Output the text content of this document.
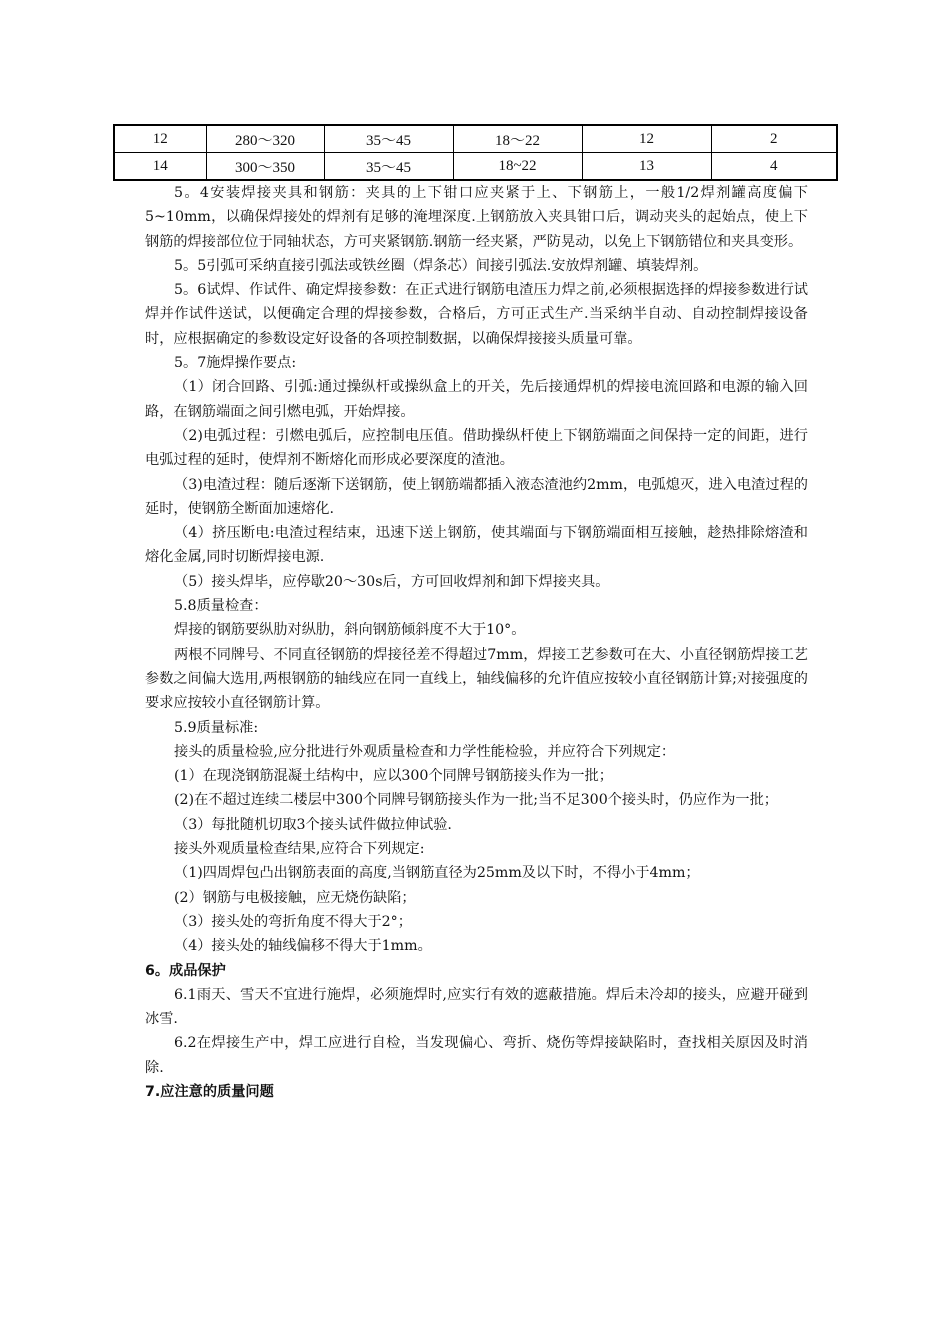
12	280～320	35～45	18～22	12	2
14	300～350	35～45	18~22	13	4

5。4安装焊接夹具和钢筋：夹具的上下钳口应夹紧于上、下钢筋上，一般1/2焊剂罐高度偏下5~10mm，以确保焊接处的焊剂有足够的淹埋深度.上钢筋放入夹具钳口后，调动夹头的起始点，使上下钢筋的焊接部位位于同轴状态，方可夹紧钢筋.钢筋一经夹紧，严防晃动，以免上下钢筋错位和夹具变形。

5。5引弧可采纳直接引弧法或铁丝圈（焊条芯）间接引弧法.安放焊剂罐、填装焊剂。

5。6试焊、作试件、确定焊接参数：在正式进行钢筋电渣压力焊之前,必须根据选择的焊接参数进行试焊并作试件送试，以便确定合理的焊接参数，合格后，方可正式生产.当采纳半自动、自动控制焊接设备时，应根据确定的参数设定好设备的各项控制数据，以确保焊接接头质量可靠。

5。7施焊操作要点:

（1）闭合回路、引弧:通过操纵杆或操纵盒上的开关，先后接通焊机的焊接电流回路和电源的输入回路，在钢筋端面之间引燃电弧，开始焊接。

（2)电弧过程：引燃电弧后，应控制电压值。借助操纵杆使上下钢筋端面之间保持一定的间距，进行电弧过程的延时，使焊剂不断熔化而形成必要深度的渣池。

（3)电渣过程：随后逐渐下送钢筋，使上钢筋端都插入液态渣池约2mm，电弧熄灭，进入电渣过程的延时，使钢筋全断面加速熔化.

（4）挤压断电:电渣过程结束，迅速下送上钢筋，使其端面与下钢筋端面相互接触，趁热排除熔渣和熔化金属,同时切断焊接电源.

（5）接头焊毕，应停歇20～30s后，方可回收焊剂和卸下焊接夹具。

5.8质量检查：

焊接的钢筋要纵肋对纵肋，斜向钢筋倾斜度不大于10°。

两根不同牌号、不同直径钢筋的焊接径差不得超过7mm，焊接工艺参数可在大、小直径钢筋焊接工艺参数之间偏大选用,两根钢筋的轴线应在同一直线上，轴线偏移的允许值应按较小直径钢筋计算;对接强度的要求应按较小直径钢筋计算。

5.9质量标准:

接头的质量检验,应分批进行外观质量检查和力学性能检验，并应符合下列规定：

(1）在现浇钢筋混凝土结构中，应以300个同牌号钢筋接头作为一批；

(2)在不超过连续二楼层中300个同牌号钢筋接头作为一批;当不足300个接头时，仍应作为一批；

（3）每批随机切取3个接头试件做拉伸试验.

接头外观质量检查结果,应符合下列规定:

（1)四周焊包凸出钢筋表面的高度,当钢筋直径为25mm及以下时，不得小于4mm；

(2）钢筋与电极接触，应无烧伤缺陷；

（3）接头处的弯折角度不得大于2°；

（4）接头处的轴线偏移不得大于1mm。

6。成品保护

6.1雨天、雪天不宜进行施焊，必须施焊时,应实行有效的遮蔽措施。焊后未冷却的接头，应避开碰到冰雪.

6.2在焊接生产中，焊工应进行自检，当发现偏心、弯折、烧伤等焊接缺陷时，查找相关原因及时消除.

7.应注意的质量问题
